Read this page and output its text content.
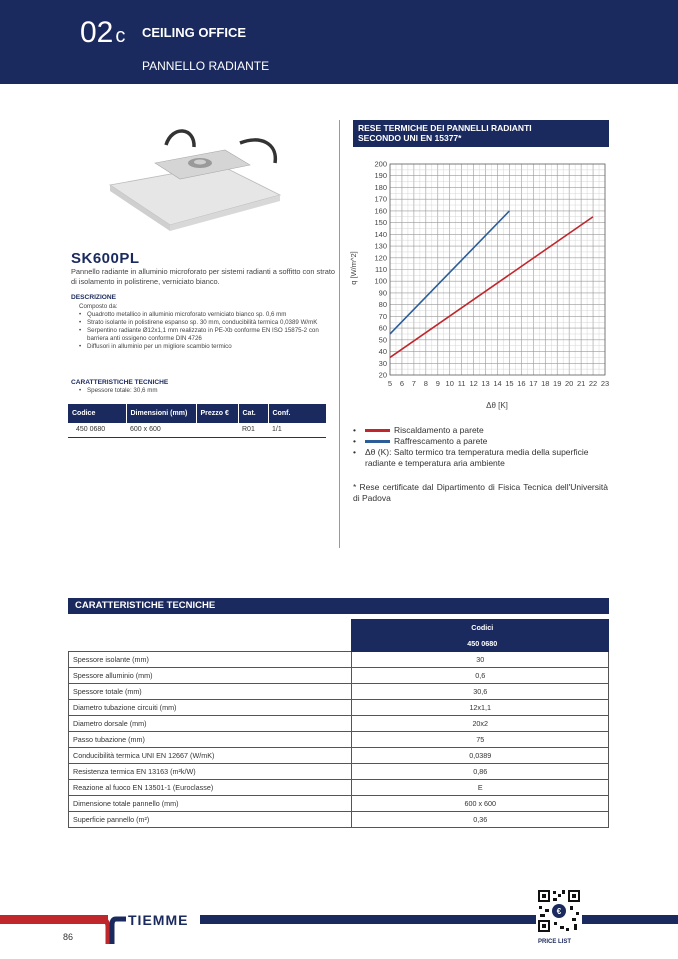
02 c CEILING OFFICE
PANNELLO RADIANTE
SK600PL
Pannello radiante in alluminio microforato per sistemi radianti a soffitto con strato di isolamento in polistirene, verniciato bianco.
DESCRIZIONE
Composto da:
• Quadrotto metallico in alluminio microforato verniciato bianco sp. 0,6 mm
• Strato isolante in polistirene espanso sp. 30 mm, conducibilità termica 0,0389 W/mK
• Serpentino radiante Ø12x1,1 mm realizzato in PE-Xb conforme EN ISO 15875-2 con barriera anti ossigeno conforme DIN 4726
• Diffusori in alluminio per un migliore scambio termico
CARATTERISTICHE TECNICHE
• Spessore totale: 30,6 mm
Codice	Dimensioni (mm)	Prezzo €	Cat.	Conf.
450 0680	600 x 600		R01	1/1
RESE TERMICHE DEI PANNELLI RADIANTI
SECONDO UNI EN 15377*
20
30
40
50
60
70
80
90
100
110
120
130
140
150
160
170
180
190
200
5 6 7 8 9 10 11 12 13 14 15 16 17 18 19 20 21 22 23
q [W/m^2]
Δθ [K]
•	Riscaldamento a parete
•	Raffrescamento a parete
• Δθ (K): Salto termico tra temperatura media della superficie radiante e temperatura aria ambiente
* Rese certificate dal Dipartimento di Fisica Tecnica dell'Università di Padova
CARATTERISTICHE TECNICHE
	Codici
	450 0680
Spessore isolante (mm)	30
Spessore alluminio (mm)	0,6
Spessore totale (mm)	30,6
Diametro tubazione circuiti (mm)	12x1,1
Diametro dorsale (mm)	20x2
Passo tubazione (mm)	75
Conducibilità termica UNI EN 12667 (W/mK)	0,0389
Resistenza termica EN 13163 (m²k/W)	0,86
Reazione al fuoco EN 13501-1 (Euroclasse)	E
Dimensione totale pannello (mm)	600 x 600
Superficie pannello (m²)	0,36
TIEMME
86
€
PRICE LIST
